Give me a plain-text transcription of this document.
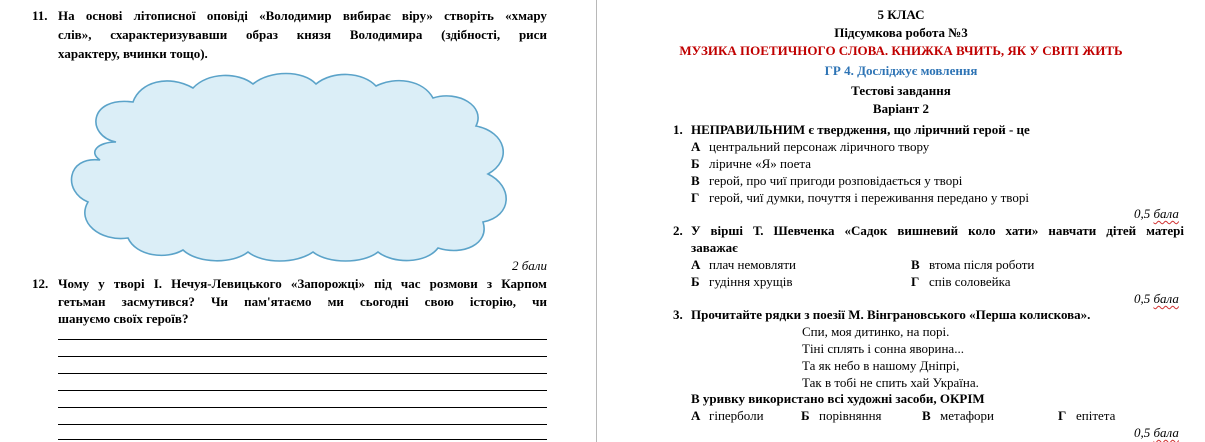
11. На основі літописної оповіді «Володимир вибирає віру» створіть «хмару
слів», схарактеризувавши образ князя Володимира (здібності, риси
характеру, вчинки тощо).
2 бали
12. Чому у творі І. Нечуя-Левицького «Запорожці» під час розмови з Карпом
гетьман засмутився? Чи пам'ятаємо ми сьогодні свою історію, чи
шануємо своїх героїв?
5 КЛАС
Підсумкова робота №3
МУЗИКА ПОЕТИЧНОГО СЛОВА. КНИЖКА ВЧИТЬ, ЯК У СВІТІ ЖИТЬ
ГР 4. Досліджує мовлення
Тестові завдання
Варіант 2
1. НЕПРАВИЛЬНИМ є твердження, що ліричний герой - це
А центральний персонаж ліричного твору
Б ліричне «Я» поета
В герой, про чиї пригоди розповідається у творі
Г герой, чиї думки, почуття і переживання передано у творі
0,5 бала
2. У вірші Т. Шевченка «Садок вишневий коло хати» навчати дітей матері
заважає
А плач немовляти	В втома після роботи
Б гудіння хрущів	Г спів соловейка
0,5 бала
3. Прочитайте рядки з поезії М. Вінграновського «Перша колискова».
Спи, моя дитинко, на порі.
Тіні сплять і сонна яворина...
Та як небо в нашому Дніпрі,
Так в тобі не спить хай Україна.
В уривку використано всі художні засоби, ОКРІМ
А гіперболи	Б порівняння	В метафори	Г епітета
0,5 бала
